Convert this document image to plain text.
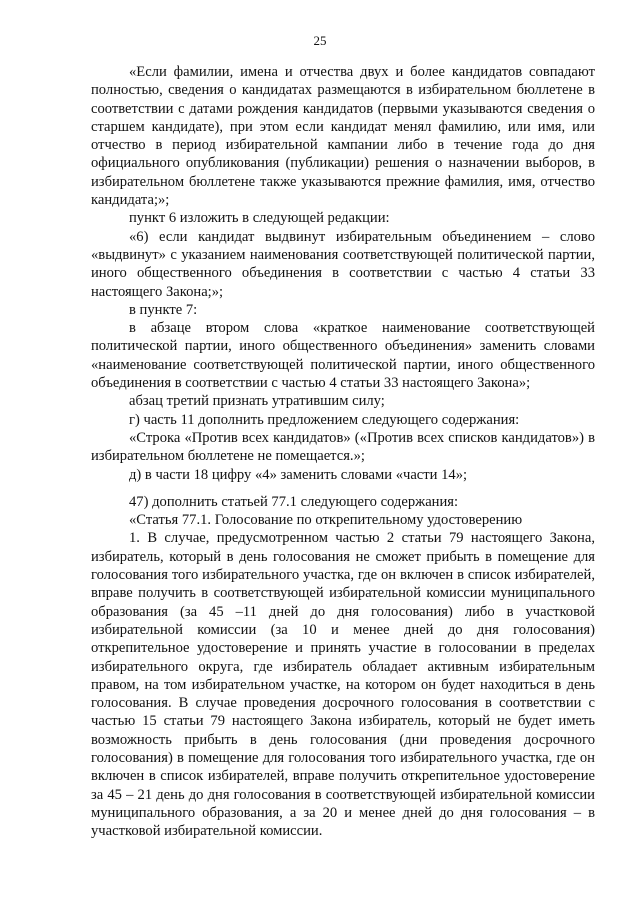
25

«Если фамилии, имена и отчества двух и более кандидатов совпадают полностью, сведения о кандидатах размещаются в избирательном бюллетене в соответствии с датами рождения кандидатов (первыми указываются сведения о старшем кандидате), при этом если кандидат менял фамилию, или имя, или отчество в период избирательной кампании либо в течение года до дня официального опубликования (публикации) решения о назначении выборов, в избирательном бюллетене также указываются прежние фамилия, имя, отчество кандидата;»;

пункт 6 изложить в следующей редакции:

«6) если кандидат выдвинут избирательным объединением – слово «выдвинут» с указанием наименования соответствующей политической партии, иного общественного объединения в соответствии с частью 4 статьи 33 настоящего Закона;»;

в пункте 7:

в абзаце втором слова «краткое наименование соответствующей политической партии, иного общественного объединения» заменить словами «наименование соответствующей политической партии, иного общественного объединения в соответствии с частью 4 статьи 33 настоящего Закона»;

абзац третий признать утратившим силу;

г) часть 11 дополнить предложением следующего содержания:

«Строка «Против всех кандидатов» («Против всех списков кандидатов») в избирательном бюллетене не помещается.»;

д) в части 18 цифру «4» заменить словами «части 14»;

47) дополнить статьей 77.1 следующего содержания:

«Статья 77.1. Голосование по открепительному удостоверению

1. В случае, предусмотренном частью 2 статьи 79 настоящего Закона, избиратель, который в день голосования не сможет прибыть в помещение для голосования того избирательного участка, где он включен в список избирателей, вправе получить в соответствующей избирательной комиссии муниципального образования (за 45 –11 дней до дня голосования) либо в участковой избирательной комиссии (за 10 и менее дней до дня голосования) открепительное удостоверение и принять участие в голосовании в пределах избирательного округа, где избиратель обладает активным избирательным правом, на том избирательном участке, на котором он будет находиться в день голосования. В случае проведения досрочного голосования в соответствии с частью 15 статьи 79 настоящего Закона избиратель, который не будет иметь возможность прибыть в день голосования (дни проведения досрочного голосования) в помещение для голосования того избирательного участка, где он включен в список избирателей, вправе получить открепительное удостоверение за 45 – 21 день до дня голосования в соответствующей избирательной комиссии муниципального образования, а за 20 и менее дней до дня голосования – в участковой избирательной комиссии.
